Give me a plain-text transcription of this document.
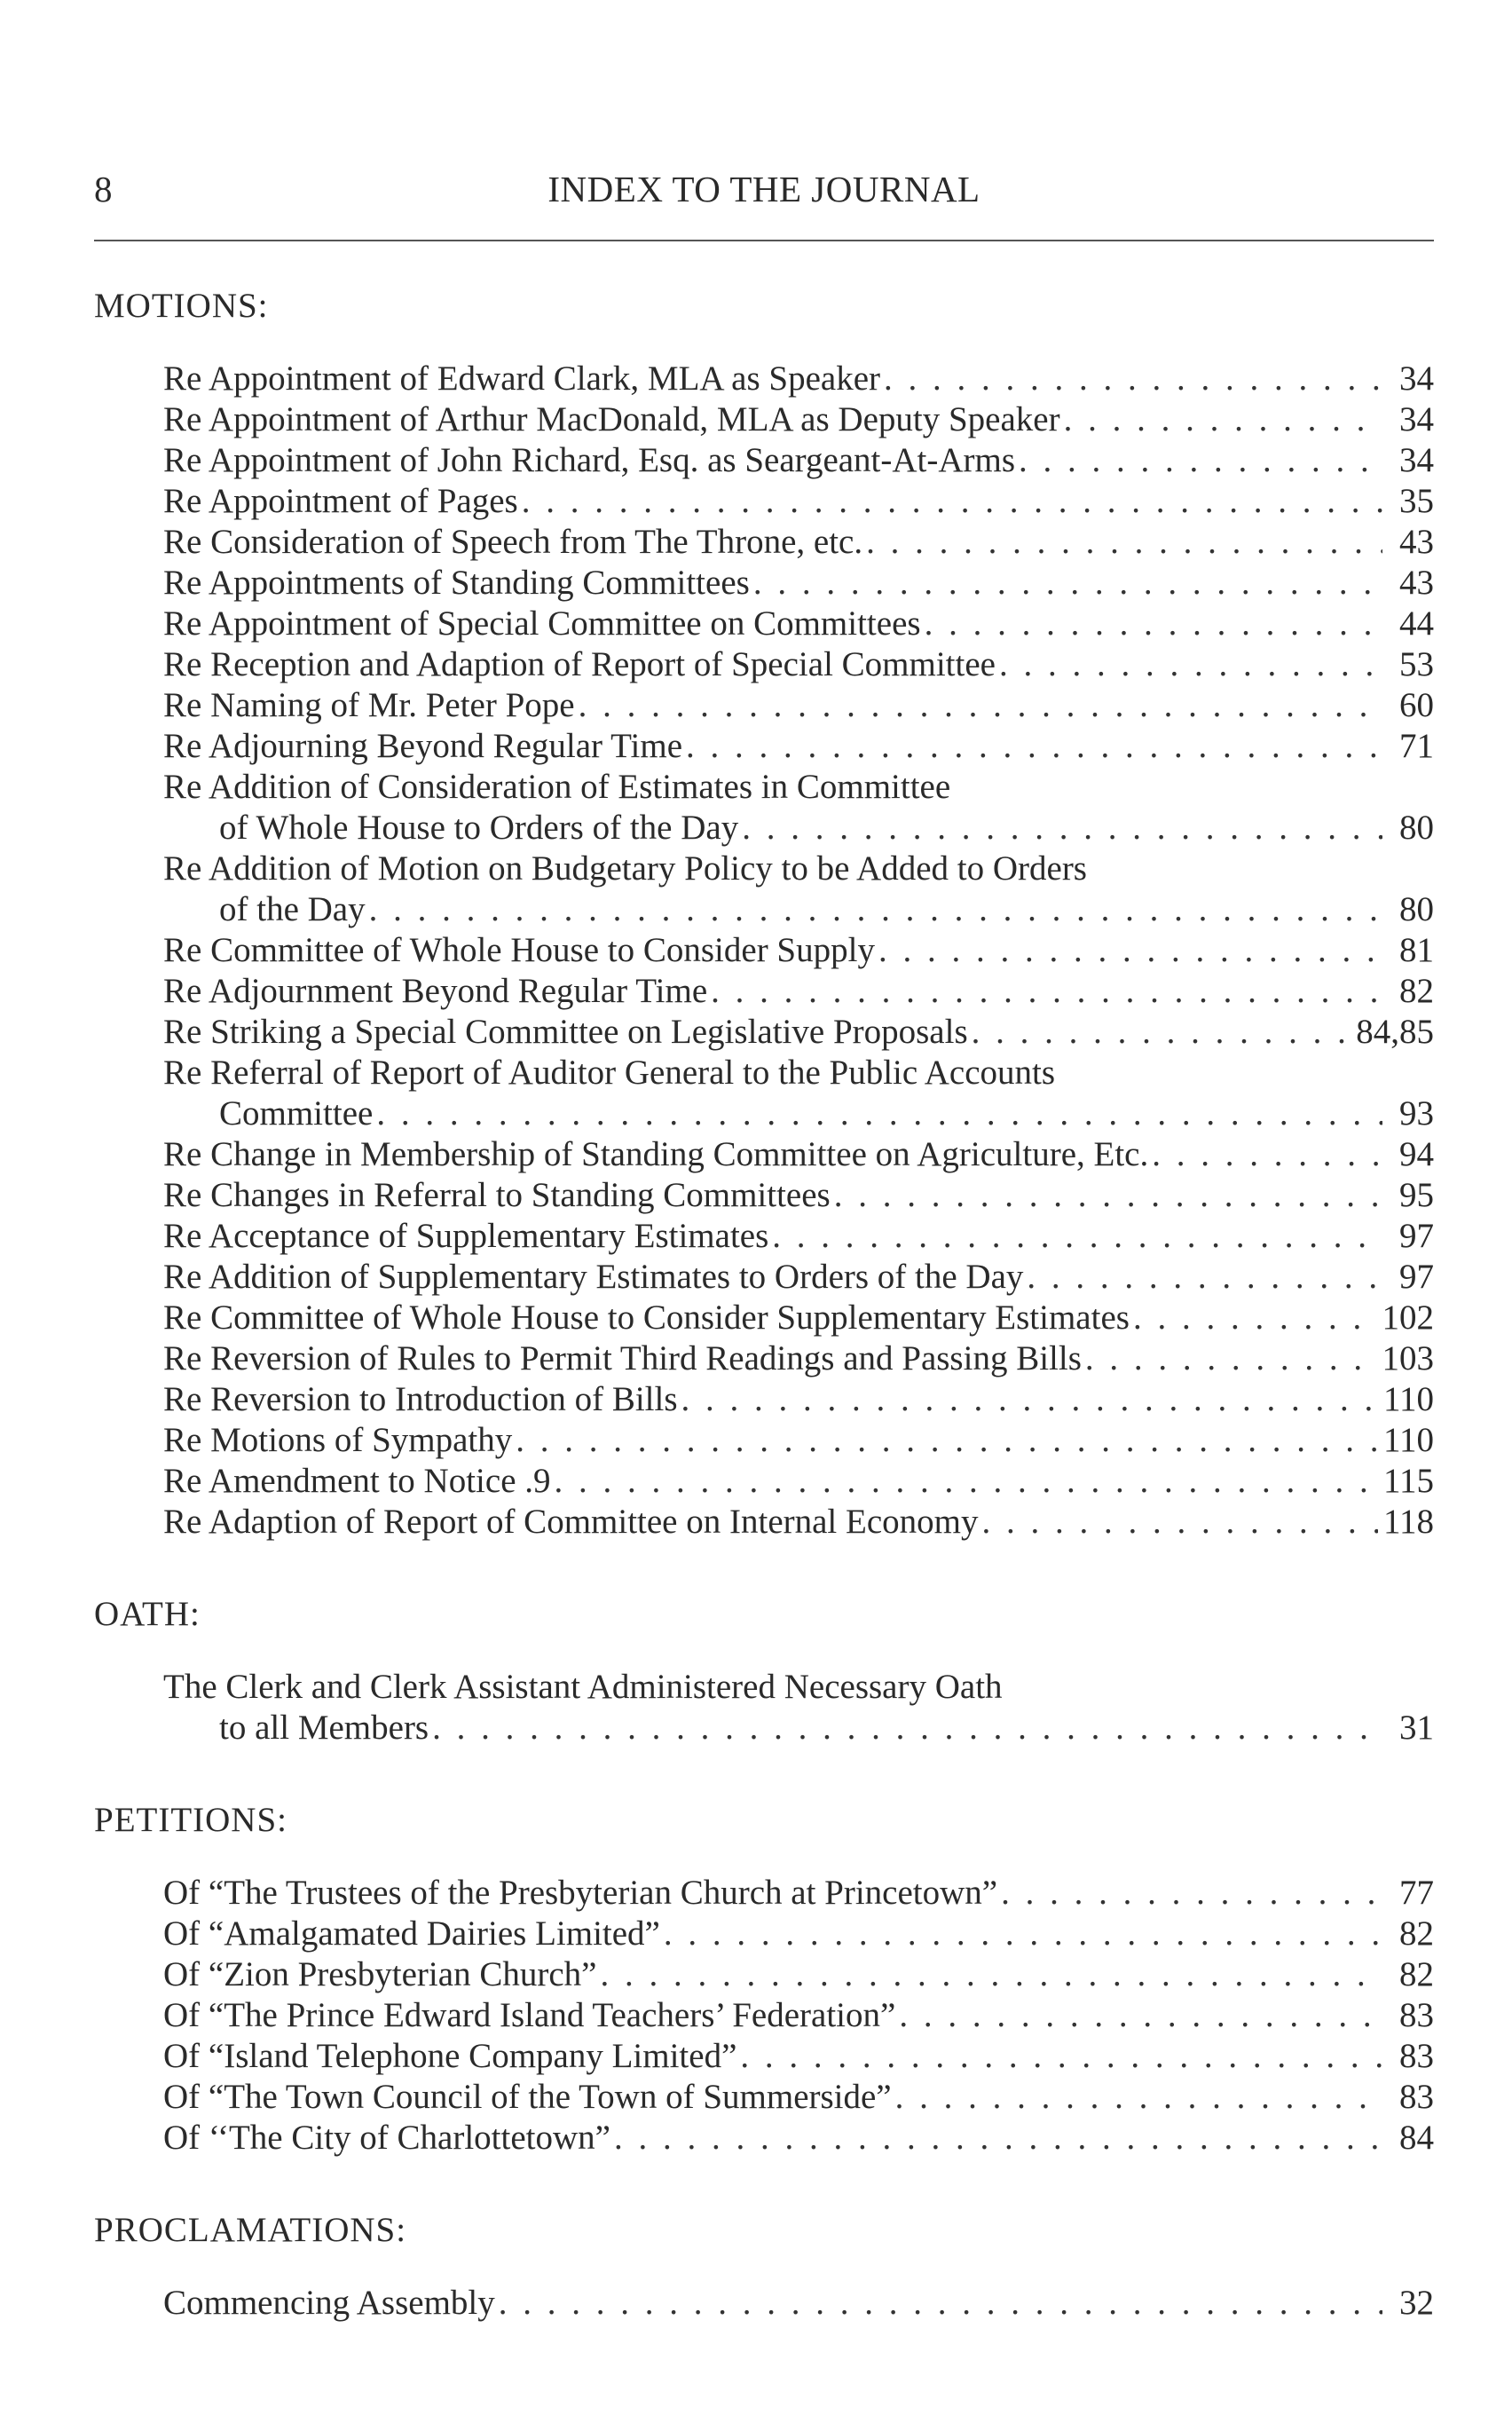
8	INDEX TO THE JOURNAL
MOTIONS:
Re Appointment of Edward Clark, MLA as Speaker . . .	34
Re Appointment of Arthur MacDonald, MLA as Deputy Speaker . . .	34
Re Appointment of John Richard, Esq. as Seargeant-At-Arms . . .	34
Re Appointment of Pages . . .	35
Re Consideration of Speech from The Throne, etc. . . .	43
Re Appointments of Standing Committees . . .	43
Re Appointment of Special Committee on Committees . . .	44
Re Reception and Adaption of Report of Special Committee . . .	53
Re Naming of Mr. Peter Pope . . .	60
Re Adjourning Beyond Regular Time . . .	71
Re Addition of Consideration of Estimates in Committee
of Whole House to Orders of the Day . . .	80
Re Addition of Motion on Budgetary Policy to be Added to Orders
of the Day . . .	80
Re Committee of Whole House to Consider Supply . . .	81
Re Adjournment Beyond Regular Time . . .	82
Re Striking a Special Committee on Legislative Proposals . . .	84,85
Re Referral of Report of Auditor General to the Public Accounts
Committee . . .	93
Re Change in Membership of Standing Committee on Agriculture, Etc. . . .	94
Re Changes in Referral to Standing Committees . . .	95
Re Acceptance of Supplementary Estimates . . .	97
Re Addition of Supplementary Estimates to Orders of the Day . . .	97
Re Committee of Whole House to Consider Supplementary Estimates . . .	102
Re Reversion of Rules to Permit Third Readings and Passing Bills . . .	103
Re Reversion to Introduction of Bills . . .	110
Re Motions of Sympathy . . .	110
Re Amendment to Notice .9 . . .	115
Re Adaption of Report of Committee on Internal Economy . . .	118
OATH:
The Clerk and Clerk Assistant Administered Necessary Oath
to all Members . . .	31
PETITIONS:
Of “The Trustees of the Presbyterian Church at Princetown” . . .	77
Of “Amalgamated Dairies Limited” . . .	82
Of “Zion Presbyterian Church” . . .	82
Of “The Prince Edward Island Teachers’ Federation” . . .	83
Of “Island Telephone Company Limited” . . .	83
Of “The Town Council of the Town of Summerside” . . .	83
Of ‘‘The City of Charlottetown” . . .	84
PROCLAMATIONS:
Commencing Assembly . . .	32
